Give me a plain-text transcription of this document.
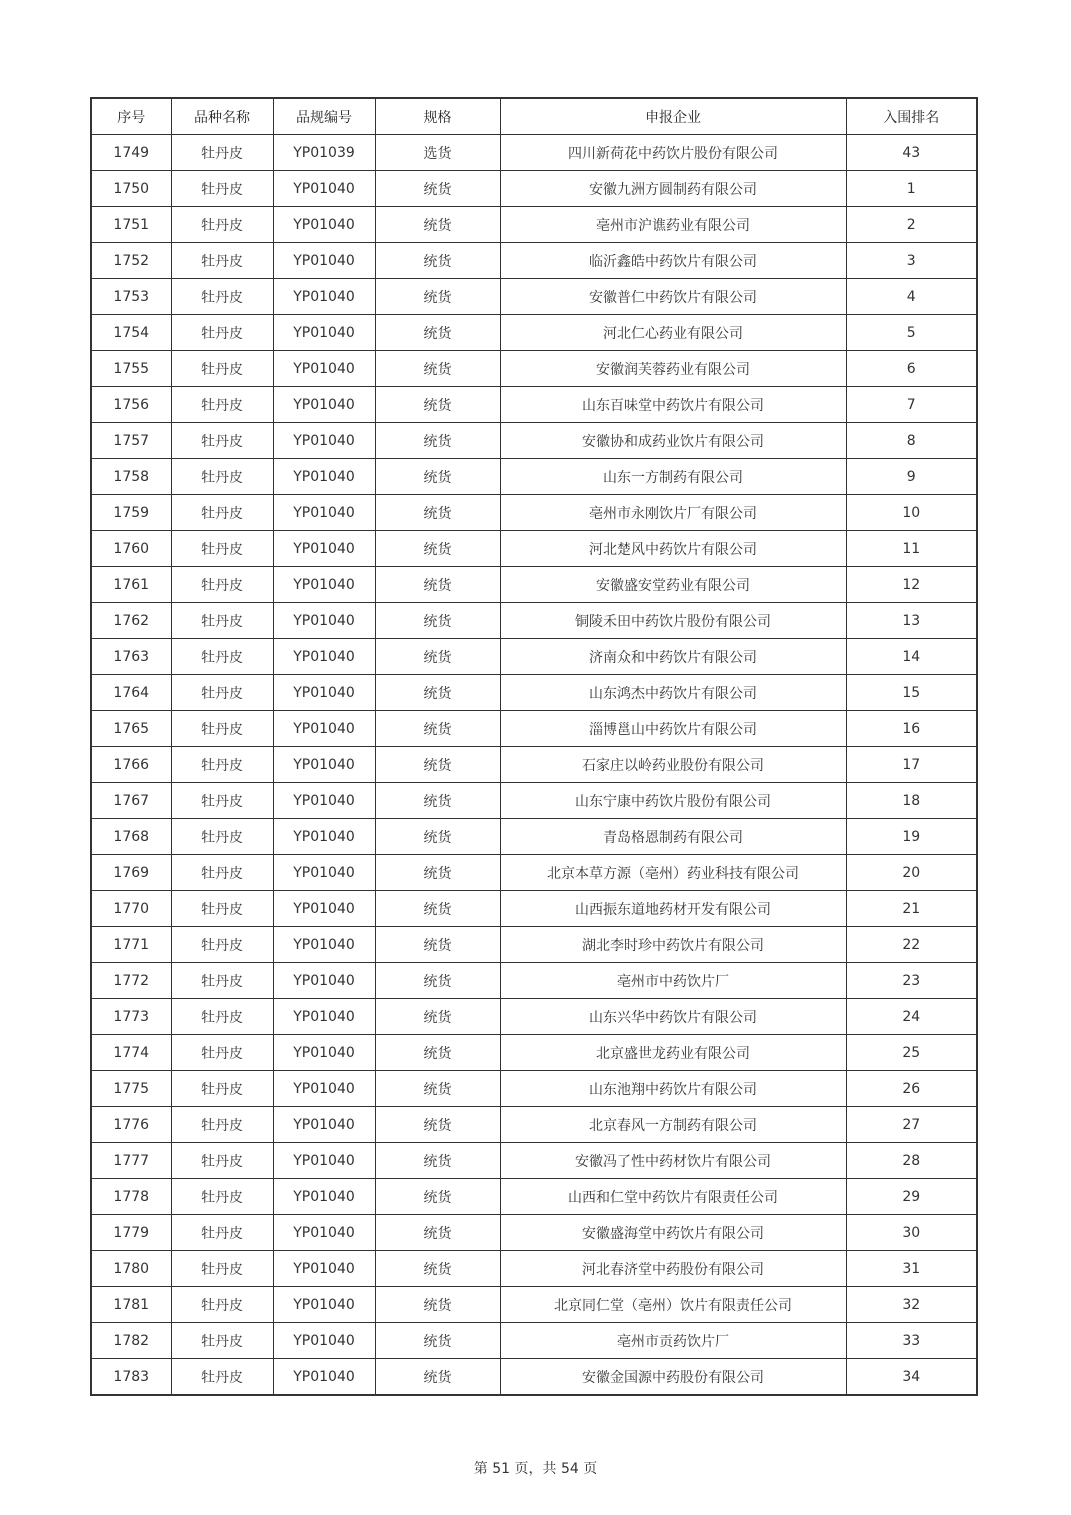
序号	品种名称	品规编号	规格	申报企业	入围排名
1749	牡丹皮	YP01039	选货	四川新荷花中药饮片股份有限公司	43
1750	牡丹皮	YP01040	统货	安徽九洲方圆制药有限公司	1
1751	牡丹皮	YP01040	统货	亳州市沪谯药业有限公司	2
1752	牡丹皮	YP01040	统货	临沂鑫皓中药饮片有限公司	3
1753	牡丹皮	YP01040	统货	安徽普仁中药饮片有限公司	4
1754	牡丹皮	YP01040	统货	河北仁心药业有限公司	5
1755	牡丹皮	YP01040	统货	安徽润芙蓉药业有限公司	6
1756	牡丹皮	YP01040	统货	山东百味堂中药饮片有限公司	7
1757	牡丹皮	YP01040	统货	安徽协和成药业饮片有限公司	8
1758	牡丹皮	YP01040	统货	山东一方制药有限公司	9
1759	牡丹皮	YP01040	统货	亳州市永刚饮片厂有限公司	10
1760	牡丹皮	YP01040	统货	河北楚风中药饮片有限公司	11
1761	牡丹皮	YP01040	统货	安徽盛安堂药业有限公司	12
1762	牡丹皮	YP01040	统货	铜陵禾田中药饮片股份有限公司	13
1763	牡丹皮	YP01040	统货	济南众和中药饮片有限公司	14
1764	牡丹皮	YP01040	统货	山东鸿杰中药饮片有限公司	15
1765	牡丹皮	YP01040	统货	淄博邕山中药饮片有限公司	16
1766	牡丹皮	YP01040	统货	石家庄以岭药业股份有限公司	17
1767	牡丹皮	YP01040	统货	山东宁康中药饮片股份有限公司	18
1768	牡丹皮	YP01040	统货	青岛格恩制药有限公司	19
1769	牡丹皮	YP01040	统货	北京本草方源（亳州）药业科技有限公司	20
1770	牡丹皮	YP01040	统货	山西振东道地药材开发有限公司	21
1771	牡丹皮	YP01040	统货	湖北李时珍中药饮片有限公司	22
1772	牡丹皮	YP01040	统货	亳州市中药饮片厂	23
1773	牡丹皮	YP01040	统货	山东兴华中药饮片有限公司	24
1774	牡丹皮	YP01040	统货	北京盛世龙药业有限公司	25
1775	牡丹皮	YP01040	统货	山东池翔中药饮片有限公司	26
1776	牡丹皮	YP01040	统货	北京春风一方制药有限公司	27
1777	牡丹皮	YP01040	统货	安徽冯了性中药材饮片有限公司	28
1778	牡丹皮	YP01040	统货	山西和仁堂中药饮片有限责任公司	29
1779	牡丹皮	YP01040	统货	安徽盛海堂中药饮片有限公司	30
1780	牡丹皮	YP01040	统货	河北春济堂中药股份有限公司	31
1781	牡丹皮	YP01040	统货	北京同仁堂（亳州）饮片有限责任公司	32
1782	牡丹皮	YP01040	统货	亳州市贡药饮片厂	33
1783	牡丹皮	YP01040	统货	安徽金国源中药股份有限公司	34
第 51 页，共 54 页
